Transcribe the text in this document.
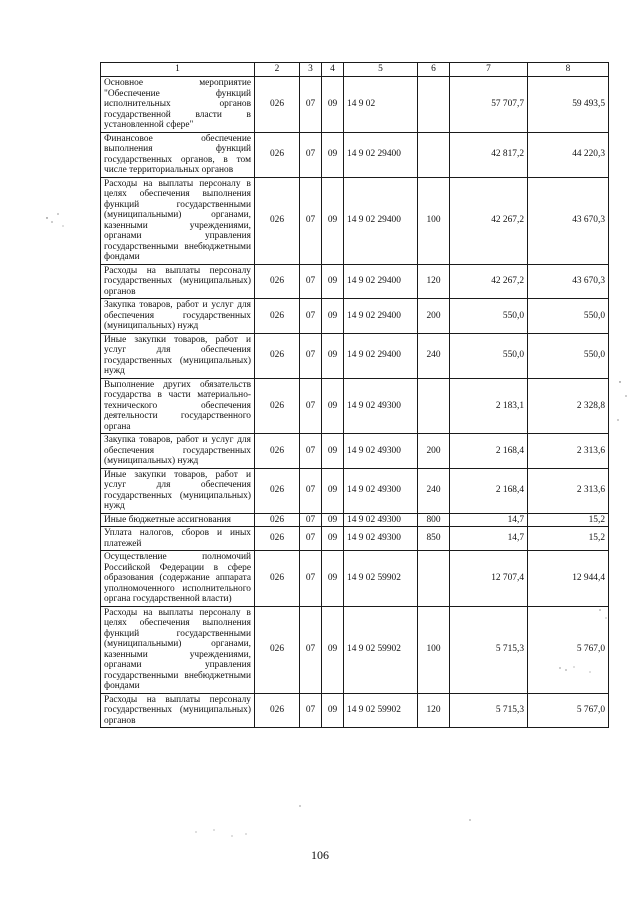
1	2	3	4	5	6	7	8
Основное мероприятие "Обеспечение функций исполнительных органов государственной власти в установленной сфере"	026	07	09	14 9 02		57 707,7	59 493,5
Финансовое обеспечение выполнения функций государственных органов, в том числе территориальных органов	026	07	09	14 9 02 29400		42 817,2	44 220,3
Расходы на выплаты персоналу в целях обеспечения выполнения функций государственными (муниципальными) органами, казенными учреждениями, органами управления государственными внебюджетными фондами	026	07	09	14 9 02 29400	100	42 267,2	43 670,3
Расходы на выплаты персоналу государственных (муниципальных) органов	026	07	09	14 9 02 29400	120	42 267,2	43 670,3
Закупка товаров, работ и услуг для обеспечения государственных (муниципальных) нужд	026	07	09	14 9 02 29400	200	550,0	550,0
Иные закупки товаров, работ и услуг для обеспечения государственных (муниципальных) нужд	026	07	09	14 9 02 29400	240	550,0	550,0
Выполнение других обязательств государства в части материально-технического обеспечения деятельности государственного органа	026	07	09	14 9 02 49300		2 183,1	2 328,8
Закупка товаров, работ и услуг для обеспечения государственных (муниципальных) нужд	026	07	09	14 9 02 49300	200	2 168,4	2 313,6
Иные закупки товаров, работ и услуг для обеспечения государственных (муниципальных) нужд	026	07	09	14 9 02 49300	240	2 168,4	2 313,6
Иные бюджетные ассигнования	026	07	09	14 9 02 49300	800	14,7	15,2
Уплата налогов, сборов и иных платежей	026	07	09	14 9 02 49300	850	14,7	15,2
Осуществление полномочий Российской Федерации в сфере образования (содержание аппарата уполномоченного исполнительного органа государственной власти)	026	07	09	14 9 02 59902		12 707,4	12 944,4
Расходы на выплаты персоналу в целях обеспечения выполнения функций государственными (муниципальными) органами, казенными учреждениями, органами управления государственными внебюджетными фондами	026	07	09	14 9 02 59902	100	5 715,3	5 767,0
Расходы на выплаты персоналу государственных (муниципальных) органов	026	07	09	14 9 02 59902	120	5 715,3	5 767,0
106
